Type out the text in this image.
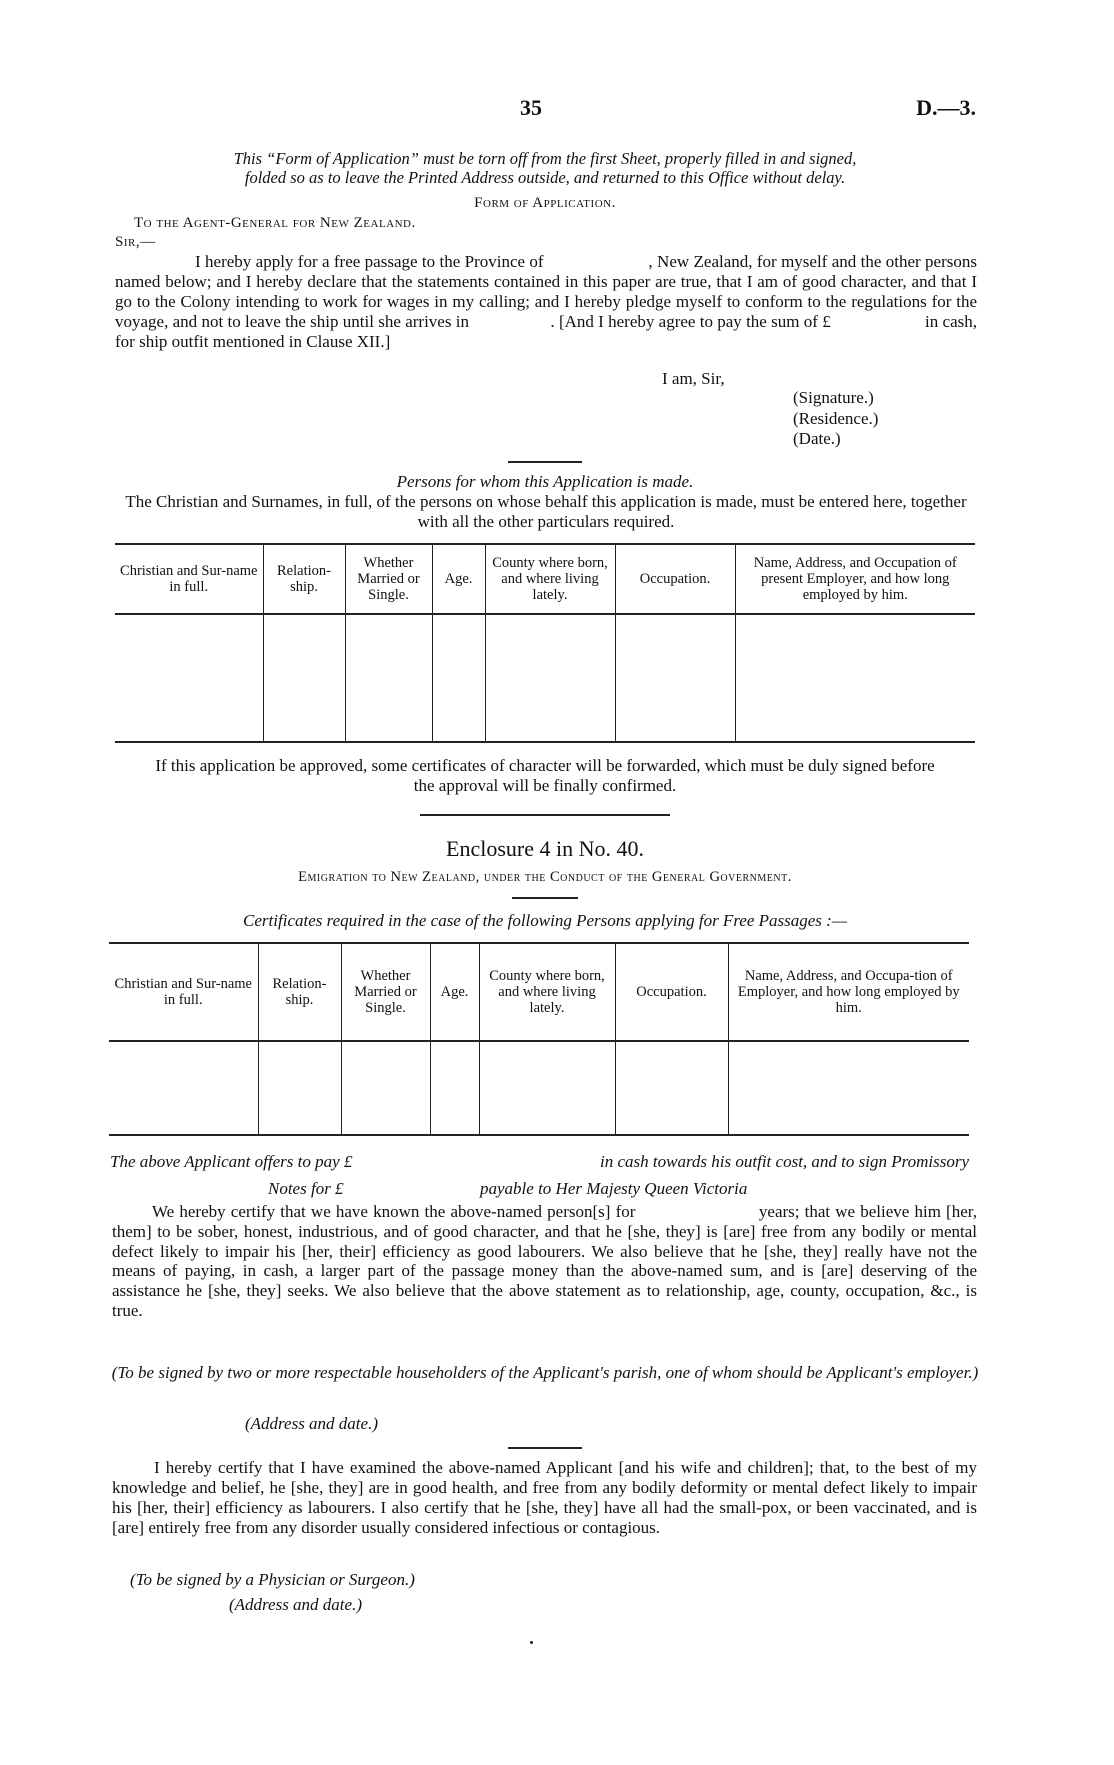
35	D.—3.
This “Form of Application” must be torn off from the first Sheet, properly filled in and signed,
folded so as to leave the Printed Address outside, and returned to this Office without delay.
Form of Application.
To the Agent-General for New Zealand.
Sir,—
I hereby apply for a free passage to the Province of                        , New Zealand, for myself and the other persons named below; and I hereby declare that the statements contained in this paper are true, that I am of good character, and that I go to the Colony intending to work for wages in my calling; and I hereby pledge myself to conform to the regulations for the voyage, and not to leave the ship until she arrives in                   . [And I hereby agree to pay the sum of £                      in cash, for ship outfit mentioned in Clause XII.]
I am, Sir,
(Signature.)
(Residence.)
(Date.)
Persons for whom this Application is made.
The Christian and Surnames, in full, of the persons on whose behalf this application is made, must be entered here, together with all the other particulars required.
Christian and Sur-name in full.	Relation-ship.	Whether Married or Single.	Age.	County where born, and where living lately.	Occupation.	Name, Address, and Occupation of present Employer, and how long employed by him.

If this application be approved, some certificates of character will be forwarded, which must be duly signed before the approval will be finally confirmed.
Enclosure 4 in No. 40.
Emigration to New Zealand, under the Conduct of the General Government.
Certificates required in the case of the following Persons applying for Free Passages :—
Christian and Sur-name in full.	Relation-ship.	Whether Married or Single.	Age.	County where born, and where living lately.	Occupation.	Name, Address, and Occupa-tion of Employer, and how long employed by him.

The above Applicant offers to pay £	in cash towards his outfit cost, and to sign Promissory
Notes for £	payable to Her Majesty Queen Victoria
We hereby certify that we have known the above-named person[s] for                        years; that we believe him [her, them] to be sober, honest, industrious, and of good character, and that he [she, they] is [are] free from any bodily or mental defect likely to impair his [her, their] efficiency as good labourers. We also believe that he [she, they] really have not the means of paying, in cash, a larger part of the passage money than the above-named sum, and is [are] deserving of the assistance he [she, they] seeks. We also believe that the above statement as to relationship, age, county, occupation, &c., is true.
(To be signed by two or more respectable householders of the Applicant's parish, one of whom should be Applicant's employer.)
(Address and date.)
I hereby certify that I have examined the above-named Applicant [and his wife and children]; that, to the best of my knowledge and belief, he [she, they] are in good health, and free from any bodily deformity or mental defect likely to impair his [her, their] efficiency as labourers. I also certify that he [she, they] have all had the small-pox, or been vaccinated, and is [are] entirely free from any disorder usually considered infectious or contagious.
(To be signed by a Physician or Surgeon.)
(Address and date.)
